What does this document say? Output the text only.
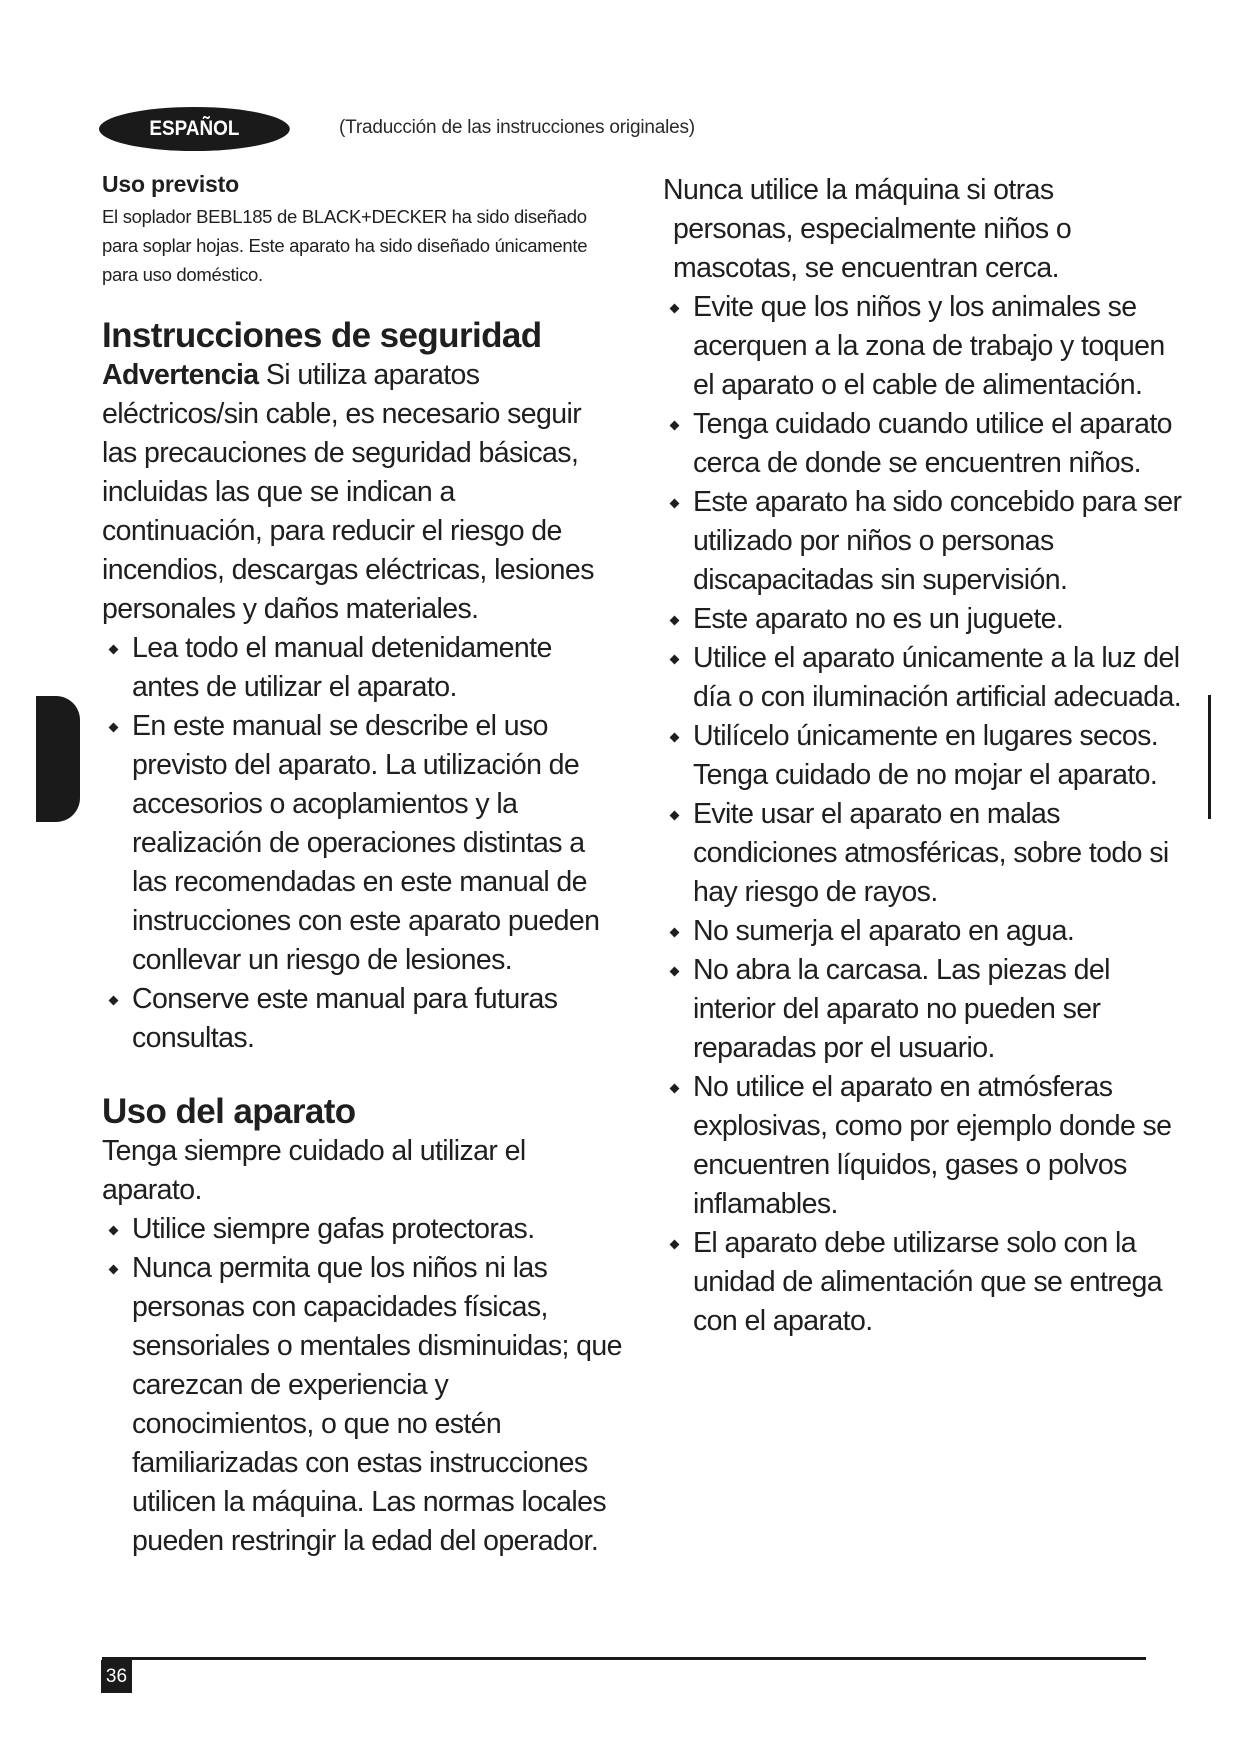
ESPAÑOL	(Traducción de las instrucciones originales)
Uso previsto

El soplador BEBL185 de BLACK+DECKER ha sido diseñado para soplar hojas. Este aparato ha sido diseñado únicamente para uso doméstico.

Instrucciones de seguridad

Advertencia Si utiliza aparatos eléctricos/sin cable, es necesario seguir las precauciones de seguridad básicas, incluidas las que se indican a continuación, para reducir el riesgo de incendios, descargas eléctricas, lesiones personales y daños materiales.

Lea todo el manual detenidamente antes de utilizar el aparato.
En este manual se describe el uso previsto del aparato. La utilización de accesorios o acoplamientos y la realización de operaciones distintas a las recomendadas en este manual de instrucciones con este aparato pueden conllevar un riesgo de lesiones.
Conserve este manual para futuras consultas.
Uso del aparato

Tenga siempre cuidado al utilizar el aparato.

Utilice siempre gafas protectoras.
Nunca permita que los niños ni las personas con capacidades físicas, sensoriales o mentales disminuidas; que carezcan de experiencia y conocimientos, o que no estén familiarizadas con estas instrucciones utilicen la máquina. Las normas locales pueden restringir la edad del operador.

Nunca utilice la máquina si otras
personas, especialmente niños o mascotas, se encuentran cerca.

Evite que los niños y los animales se acerquen a la zona de trabajo y toquen el aparato o el cable de alimentación.
Tenga cuidado cuando utilice el aparato cerca de donde se encuentren niños.
Este aparato ha sido concebido para ser utilizado por niños o personas discapacitadas sin supervisión.
Este aparato no es un juguete.
Utilice el aparato únicamente a la luz del día o con iluminación artificial adecuada.
Utilícelo únicamente en lugares secos. Tenga cuidado de no mojar el aparato.
Evite usar el aparato en malas condiciones atmosféricas, sobre todo si hay riesgo de rayos.
No sumerja el aparato en agua.
No abra la carcasa. Las piezas del interior del aparato no pueden ser reparadas por el usuario.
No utilice el aparato en atmósferas explosivas, como por ejemplo donde se encuentren líquidos, gases o polvos inflamables.
El aparato debe utilizarse solo con la unidad de alimentación que se entrega con el aparato.
36
